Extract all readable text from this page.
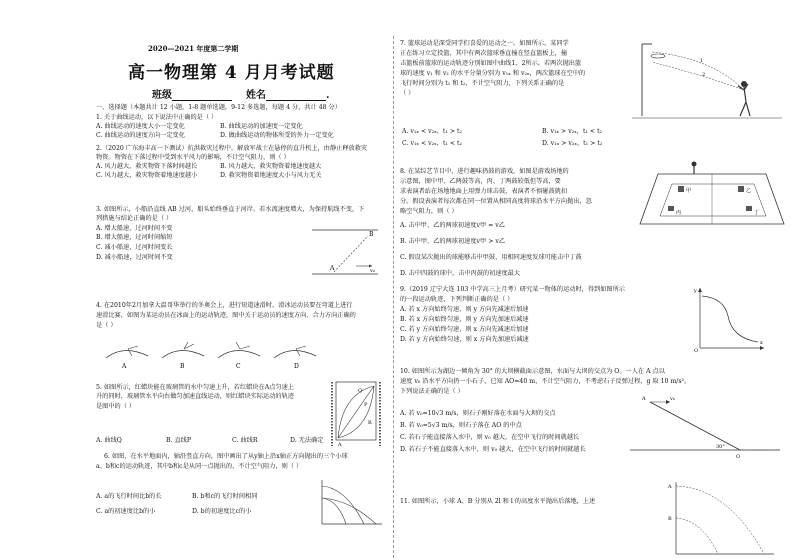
2020—2021 年度第二学期
高一物理第 4 月月考试题
班级	姓名	.
一、选择题（本题共计 12 小题，1-8 题单选题，9-12 多选题，每题 4 分，共计 48 分）
1. 关于曲线运动，以下说法中正确的是（ ）
A. 曲线运动的速度大小一定变化	B. 曲线运动的加速度一定变化
C. 曲线运动的速度方向一定变化	D. 做曲线运动的物体所受的外力一定变化
2.（2020 广东海丰高一下测试）抗洪救灾过程中，解放军战士在悬停的直升机上，由静止释放救灾
物资。物资在下落过程中受到水平风力的影响，不计空气阻力，则（ ）
A. 风力越大，救灾物资下落时间越长	B. 风力越大，救灾物资着地速度越大
C. 风力越大，救灾物资着地速度越小	D. 救灾物资着地速度大小与风力无关
3. 如图所示，小船沿直线 AB 过河，船头始终垂直于河岸。若水流速度增大，为保持航线不变，下
列措施与结论正确的是（ ）
A. 增大船速，过河时间不变
B. 增大船速，过河时间缩短
C. 减小船速，过河时间变长
D. 减小船速，过河时间不变
B
A	v₀
4. 在2010年2月加拿大温哥华举行的冬奥会上，进行短道速滑时，滑冰运动员要在弯道上进行
速滑比赛，如图为某运动员在冰面上的运动轨迹，图中关于运动员的速度方向、合力方向正确的
是（ ）
A	B	C	D
5. 如图所示，红蜡块能在玻璃管的水中匀速上升，若红蜡块在A点匀速上
升的同时，玻璃管水平向右做匀加速直线运动，则红蜡块实际运动的轨迹
是图中的（ ）
A. 曲线Q	B. 直线P	C. 曲线R	D. 无法确定
Q
P
R
A
6. 如图，在水平地面内，轴沿竖直方向，图中画出了从y轴上沿x轴正方向抛出的三个小球
a、b和c的运动轨迹，其中b和c是从同一点抛出的，不计空气阻力，则（ ）
A. a的飞行时间比b的长	B. b和c的飞行时间相同
C. a的初速度比b的小	D. b的初速度比c的小
7. 篮球运动是深受同学们喜爱的运动之一。如图所示，某同学
正在练习立定投篮，其中有两次篮球垂直撞在竖直篮板上，撞
击篮板前篮球的运动轨迹分别如图中曲线1、2所示。若两次抛出篮
球的速度 v₁ 和 v₂ 的水平分量分别为 v₁ₓ 和 v₂ₓ，两次篮球在空中的
飞行时间分别为 t₁ 和 t₂，不计空气阻力，下列关系正确的是
（ ）
A. v₁ₓ < v₂ₓ，t₁ > t₂	B. v₁ₓ > v₂ₓ，t₁ < t₂
C. v₁ₓ < v₂ₓ，t₁ < t₂	D. v₁ₓ > v₂ₓ，t₁ > t₂
1
2
8. 在某综艺节目中，进行趣味扔鼓的游戏，如图是游戏场地的
示意图，图中甲、乙两鼓等高，丙、丁两鼓较低但等高，要
求表演者站在场地地面上用弹力球击鼓，表演者不慎碰鼓就扣
分。假设表演者每次都在同一位置从相同高度将球沿水平方向抛出，忽
略空气阻力，则（ ）
A. 击中甲、乙的两球初速度v甲 = v乙
B. 击中甲、乙的两球初速度v甲 > v乙
C. 假设某次抛出的球能够击中甲鼓，用相同速度发球可能击中丁鼓
D. 击中四鼓的球中，击中丙鼓的初速度最大
甲	乙
丙	丁
9.（2019 辽宁大连 103 中学高三上月考）研究某一物体的运动时，得到如图所示
的一段运动轨迹，下列判断正确的是（ ）
A. 若 x 方向始终匀速，则 y 方向先减速后加速
B. 若 x 方向始终匀速，则 y 方向先加速后减速
C. 若 y 方向始终匀速，则 x 方向先减速后加速
D. 若 y 方向始终匀速，则 x 方向先加速后减速
y
x
O
10. 如图所示为湖边一倾角为 30° 的大坝横截面示意图，水面与大坝的交点为 O。一人在 A 点以
速度 v₀ 沿水平方向扔一小石子，已知 AO=40 m，不计空气阻力，不考虑石子反弹过程，g 取 10 m/s²。
下列说法正确的是（ ）
A. 若 v₀=10√3 m/s，则石子刚好落在水面与大坝的交点
B. 若 v₀=5√3 m/s，则石子落在 AO 的中点
C. 若石子能直接落入水中，则 v₀ 越大，在空中飞行的时间就越长
D. 若石子不能直接落入水中，则 v₀ 越大，在空中飞行的时间就越长
A	v₀
O
30°
11. 如图所示，小球 A、B 分别从 2l 和 l 的高度水平抛出后落地，上述
A
B
